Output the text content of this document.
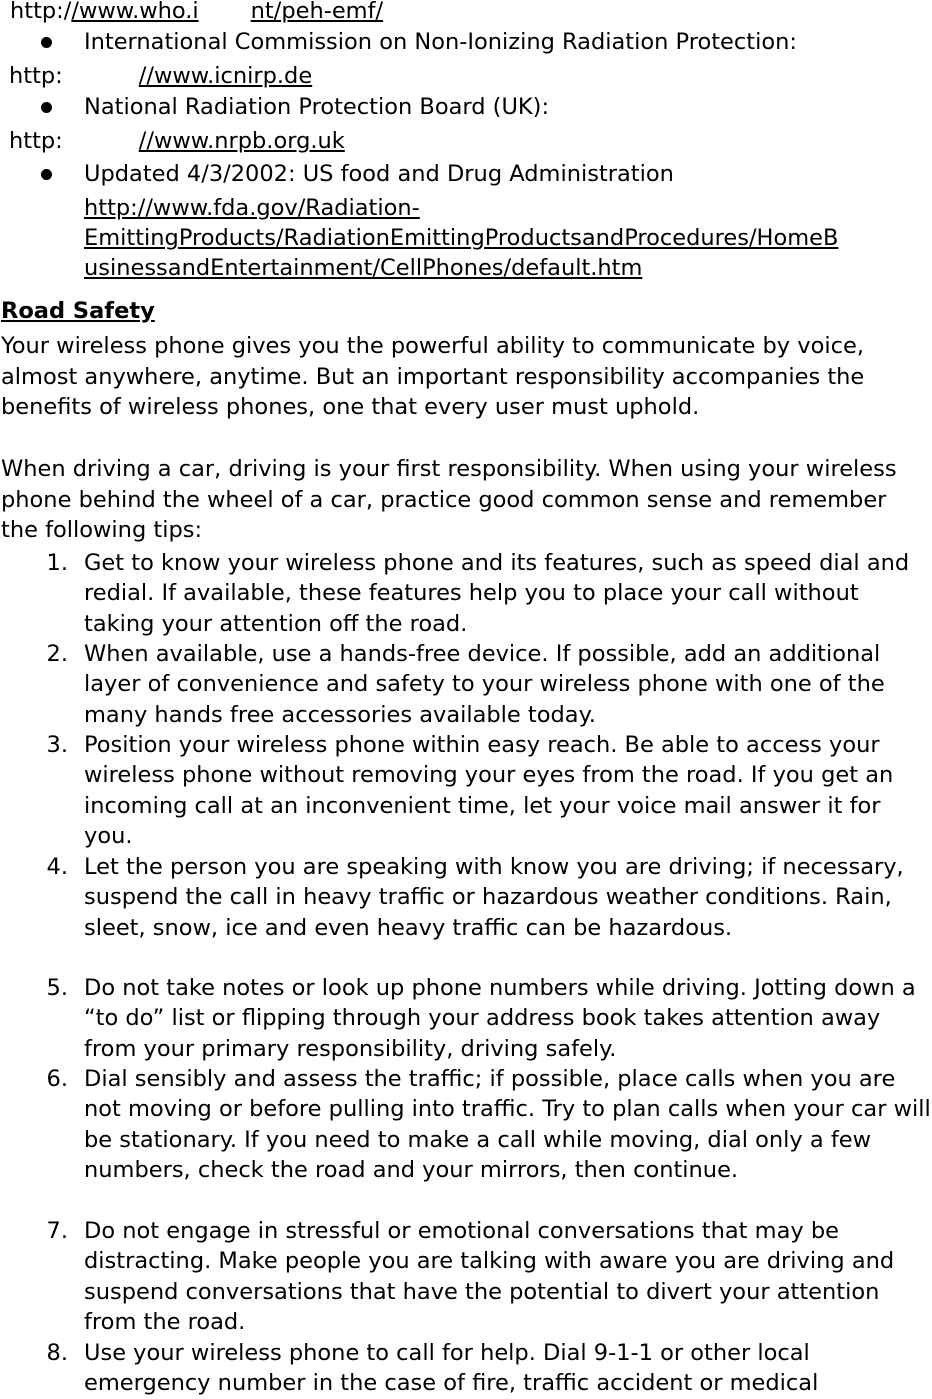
http://www.who.i nt/peh-emf/
International Commission on Non-Ionizing Radiation Protection:
http:	//www.icnirp.de
National Radiation Protection Board (UK):
http:	//www.nrpb.org.uk
Updated 4/3/2002: US food and Drug Administration
http://www.fda.gov/Radiation-
EmittingProducts/RadiationEmittingProductsandProcedures/HomeB
usinessandEntertainment/CellPhones/default.htm
Road Safety
Your wireless phone gives you the powerful ability to communicate by voice, almost anywhere, anytime. But an important responsibility accompanies the benefits of wireless phones, one that every user must uphold.
When driving a car, driving is your first responsibility. When using your wireless phone behind the wheel of a car, practice good common sense and remember the following tips:
1. Get to know your wireless phone and its features, such as speed dial and redial. If available, these features help you to place your call without taking your attention off the road.
2. When available, use a hands-free device. If possible, add an additional layer of convenience and safety to your wireless phone with one of the many hands free accessories available today.
3. Position your wireless phone within easy reach. Be able to access your wireless phone without removing your eyes from the road. If you get an incoming call at an inconvenient time, let your voice mail answer it for you.
4. Let the person you are speaking with know you are driving; if necessary, suspend the call in heavy traffic or hazardous weather conditions. Rain, sleet, snow, ice and even heavy traffic can be hazardous.
5. Do not take notes or look up phone numbers while driving. Jotting down a “to do” list or flipping through your address book takes attention away from your primary responsibility, driving safely.
6. Dial sensibly and assess the traffic; if possible, place calls when you are not moving or before pulling into traffic. Try to plan calls when your car will be stationary. If you need to make a call while moving, dial only a few numbers, check the road and your mirrors, then continue.
7. Do not engage in stressful or emotional conversations that may be distracting. Make people you are talking with aware you are driving and suspend conversations that have the potential to divert your attention from the road.
8. Use your wireless phone to call for help. Dial 9-1-1 or other local emergency number in the case of fire, traffic accident or medical
